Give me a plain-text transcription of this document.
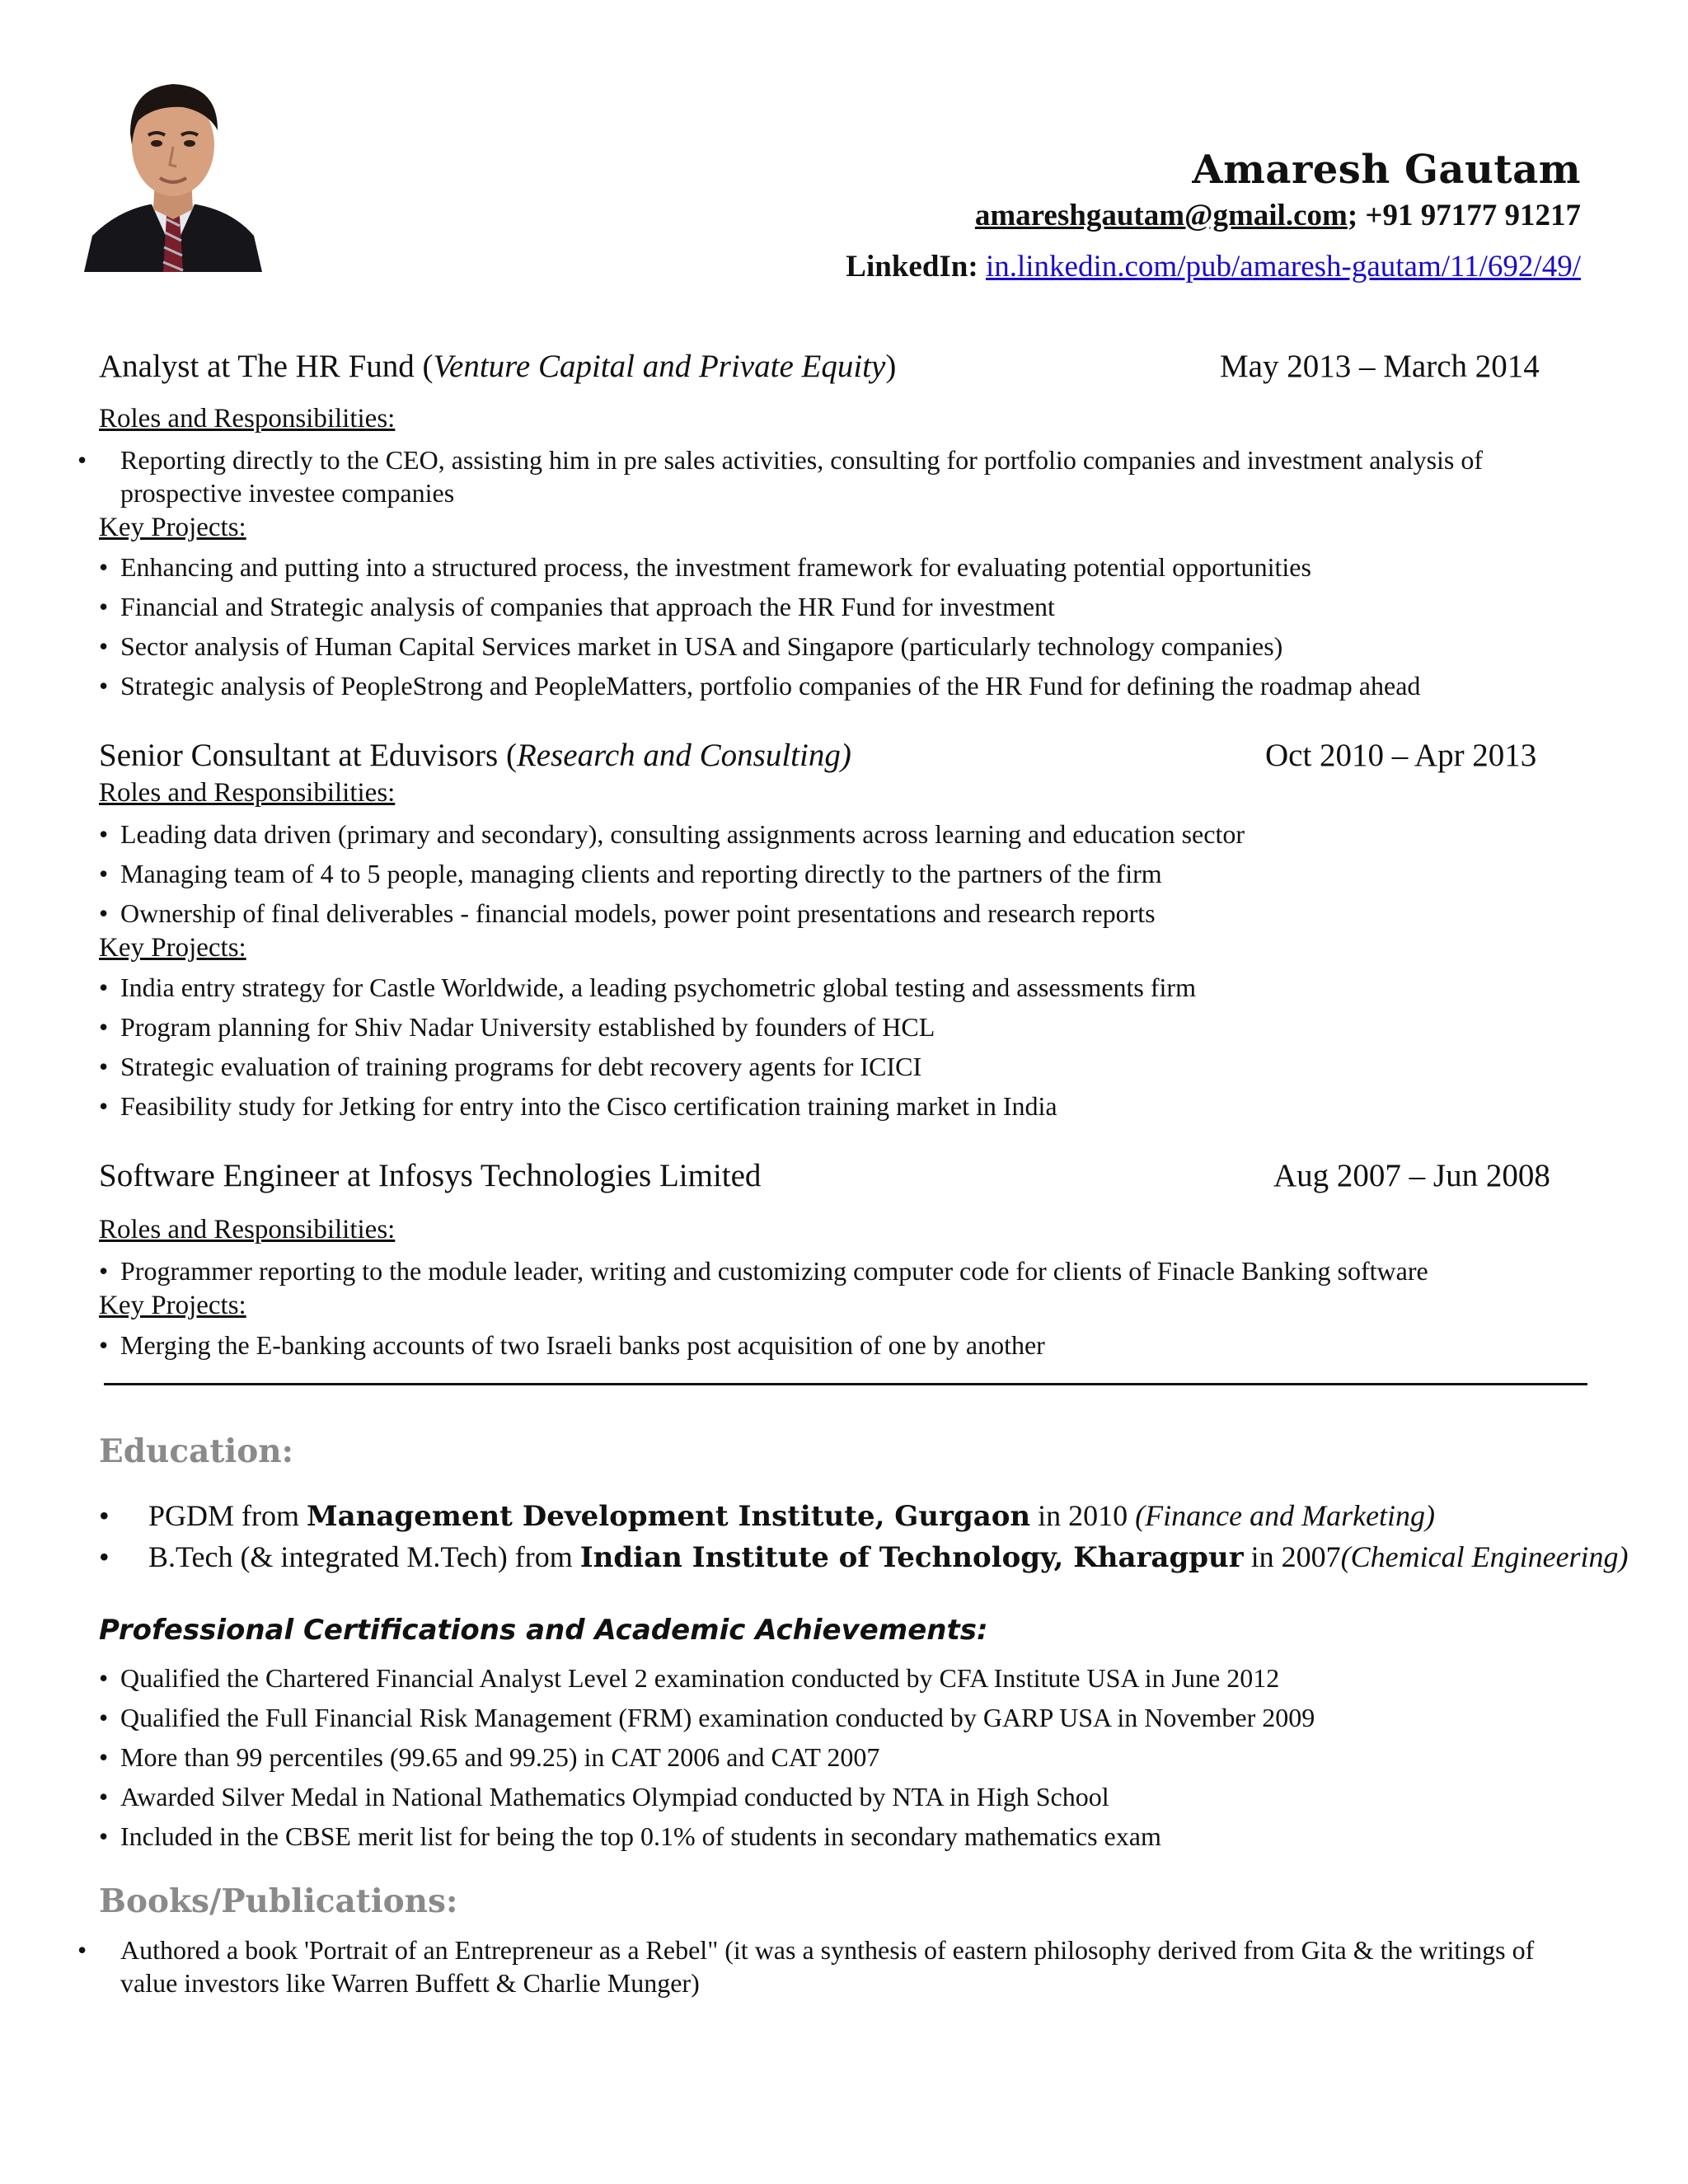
Amaresh Gautam
amareshgautam@gmail.com; +91 97177 91217
LinkedIn: in.linkedin.com/pub/amaresh-gautam/11/692/49/
Analyst at The HR Fund (Venture Capital and Private Equity)	May 2013 – March 2014
Roles and Responsibilities:
• Reporting directly to the CEO, assisting him in pre sales activities, consulting for portfolio companies and investment analysis of prospective investee companies
Key Projects:
• Enhancing and putting into a structured process, the investment framework for evaluating potential opportunities
• Financial and Strategic analysis of companies that approach the HR Fund for investment
• Sector analysis of Human Capital Services market in USA and Singapore (particularly technology companies)
• Strategic analysis of PeopleStrong and PeopleMatters, portfolio companies of the HR Fund for defining the roadmap ahead
Senior Consultant at Eduvisors (Research and Consulting)	Oct 2010 – Apr 2013
Roles and Responsibilities:
• Leading data driven (primary and secondary), consulting assignments across learning and education sector
• Managing team of 4 to 5 people, managing clients and reporting directly to the partners of the firm
• Ownership of final deliverables - financial models, power point presentations and research reports
Key Projects:
• India entry strategy for Castle Worldwide, a leading psychometric global testing and assessments firm
• Program planning for Shiv Nadar University established by founders of HCL
• Strategic evaluation of training programs for debt recovery agents for ICICI
• Feasibility study for Jetking for entry into the Cisco certification training market in India
Software Engineer at Infosys Technologies Limited	Aug 2007 – Jun 2008
Roles and Responsibilities:
• Programmer reporting to the module leader, writing and customizing computer code for clients of Finacle Banking software
Key Projects:
• Merging the E-banking accounts of two Israeli banks post acquisition of one by another
Education:
• PGDM from Management Development Institute, Gurgaon in 2010 (Finance and Marketing)
• B.Tech (& integrated M.Tech) from Indian Institute of Technology, Kharagpur in 2007(Chemical Engineering)
Professional Certifications and Academic Achievements:
• Qualified the Chartered Financial Analyst Level 2 examination conducted by CFA Institute USA in June 2012
• Qualified the Full Financial Risk Management (FRM) examination conducted by GARP USA in November 2009
• More than 99 percentiles (99.65 and 99.25) in CAT 2006 and CAT 2007
• Awarded Silver Medal in National Mathematics Olympiad conducted by NTA in High School
• Included in the CBSE merit list for being the top 0.1% of students in secondary mathematics exam
Books/Publications:
• Authored a book 'Portrait of an Entrepreneur as a Rebel" (it was a synthesis of eastern philosophy derived from Gita & the writings of value investors like Warren Buffett & Charlie Munger)
